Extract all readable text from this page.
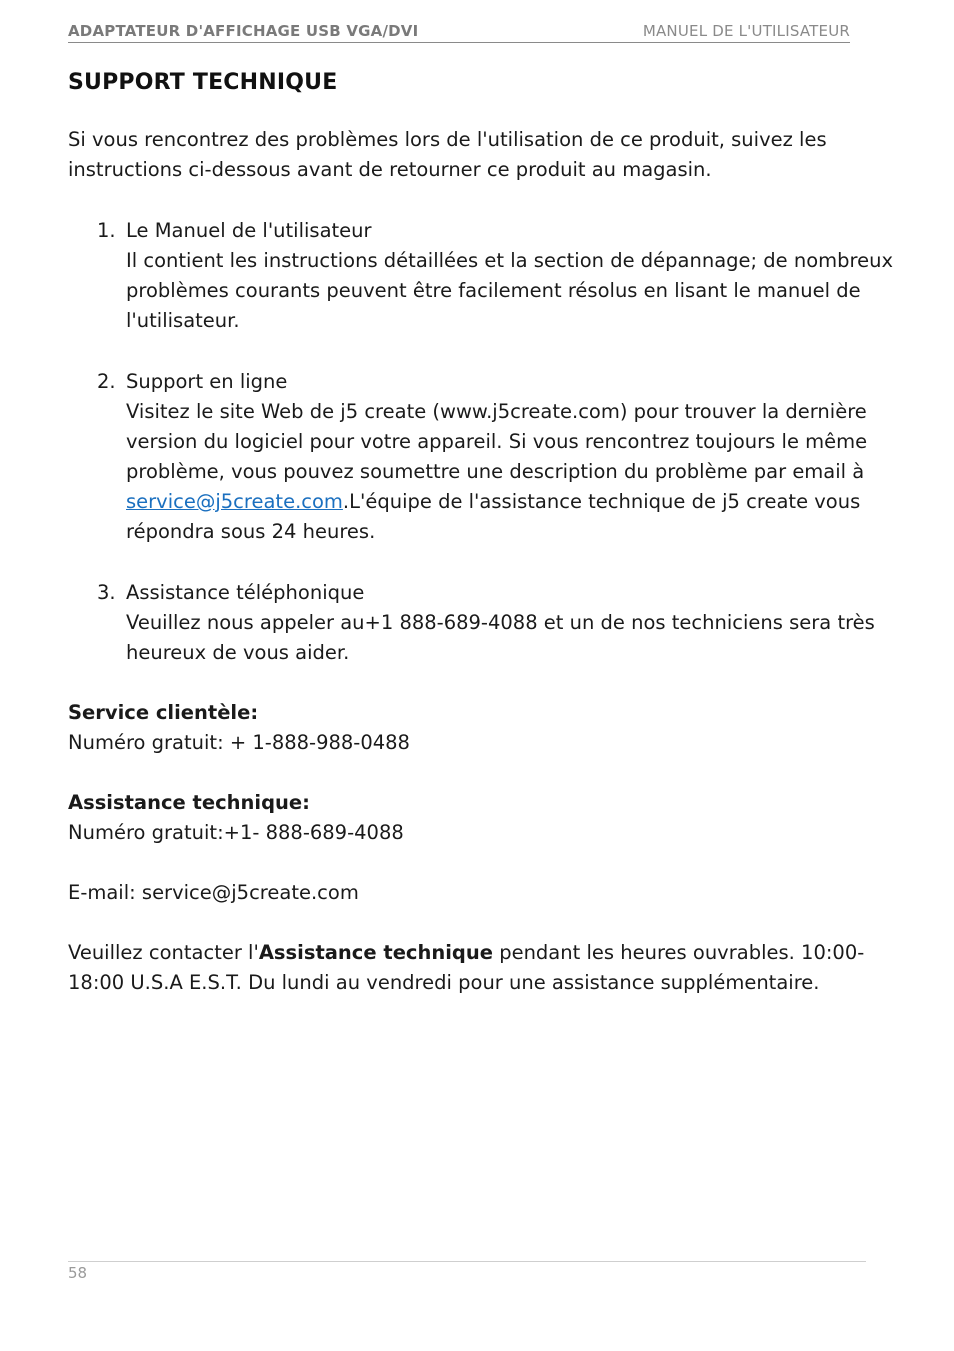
ADAPTATEUR D'AFFICHAGE USB VGA/DVI	MANUEL DE L'UTILISATEUR
SUPPORT TECHNIQUE

Si vous rencontrez des problèmes lors de l'utilisation de ce produit, suivez les instructions ci-dessous avant de retourner ce produit au magasin.

1. Le Manuel de l'utilisateur
Il contient les instructions détaillées et la section de dépannage; de nombreux problèmes courants peuvent être facilement résolus en lisant le manuel de l'utilisateur.
2. Support en ligne
Visitez le site Web de j5 create (www.j5create.com) pour trouver la dernière version du logiciel pour votre appareil. Si vous rencontrez toujours le même problème, vous pouvez soumettre une description du problème par email à service@j5create.com.L'équipe de l'assistance technique de j5 create vous répondra sous 24 heures.
3. Assistance téléphonique
Veuillez nous appeler au+1 888-689-4088 et un de nos techniciens sera très heureux de vous aider.
Service clientèle:
Numéro gratuit: + 1-888-988-0488
Assistance technique:
Numéro gratuit:+1- 888-689-4088
E-mail: service@j5create.com
Veuillez contacter l'Assistance technique pendant les heures ouvrables. 10:00-18:00 U.S.A E.S.T. Du lundi au vendredi pour une assistance supplémentaire.
58
